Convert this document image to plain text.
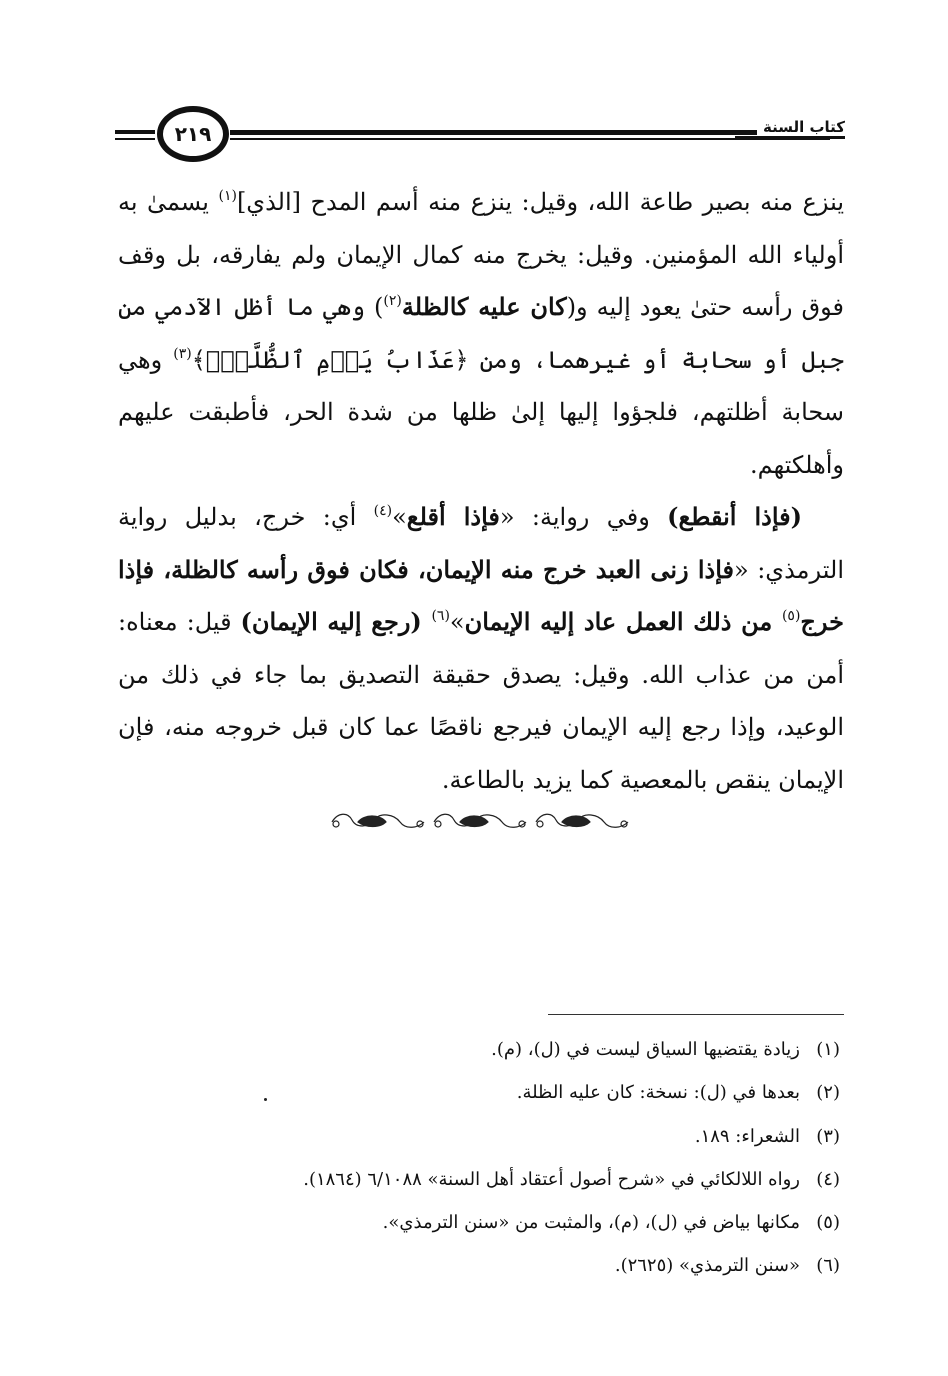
٢١٩	كتاب السنة

ينزع منه بصير طاعة الله، وقيل: ينزع منه أسم المدح [الذي]$^{(١)}$ يسمىٰ به أولياء الله المؤمنين. وقيل: يخرج منه كمال الإيمان ولم يفارقه، بل وقف فوق رأسه حتىٰ يعود إليه و(كان عليه كالظلة$^{(٢)}$) وهي ما أظل الآدمي من جبل أو سحابة أو غيرهما، ومن ﴿عَذَابُ يَوۡمِ ٱلظُّلَّةِۚ﴾$^{(٣)}$ وهي سحابة أظلتهم، فلجؤوا إليها إلىٰ ظلها من شدة الحر، فأطبقت عليهم وأهلكتهم.

(فإذا أنقطع) وفي رواية: «فإذا أقلع»$^{(٤)}$ أي: خرج، بدليل رواية الترمذي: «فإذا زنى العبد خرج منه الإيمان، فكان فوق رأسه كالظلة، فإذا خرج$^{(٥)}$ من ذلك العمل عاد إليه الإيمان»$^{(٦)}$ (رجع إليه الإيمان) قيل: معناه: أمن من عذاب الله. وقيل: يصدق حقيقة التصديق بما جاء في ذلك من الوعيد، وإذا رجع إليه الإيمان فيرجع ناقصًا عما كان قبل خروجه منه، فإن الإيمان ينقص بالمعصية كما يزيد بالطاعة.

(١)
زيادة يقتضيها السياق ليست في (ل)، (م).
(٢)
بعدها في (ل): نسخة: كان عليه الظلة.
(٣)
الشعراء: ١٨٩.
(٤)
رواه اللالكائي في «شرح أصول أعتقاد أهل السنة» ٦/١٠٨٨ (١٨٦٤).
(٥)
مكانها بياض في (ل)، (م)، والمثبت من «سنن الترمذي».
(٦)
«سنن الترمذي» (٢٦٢٥).
